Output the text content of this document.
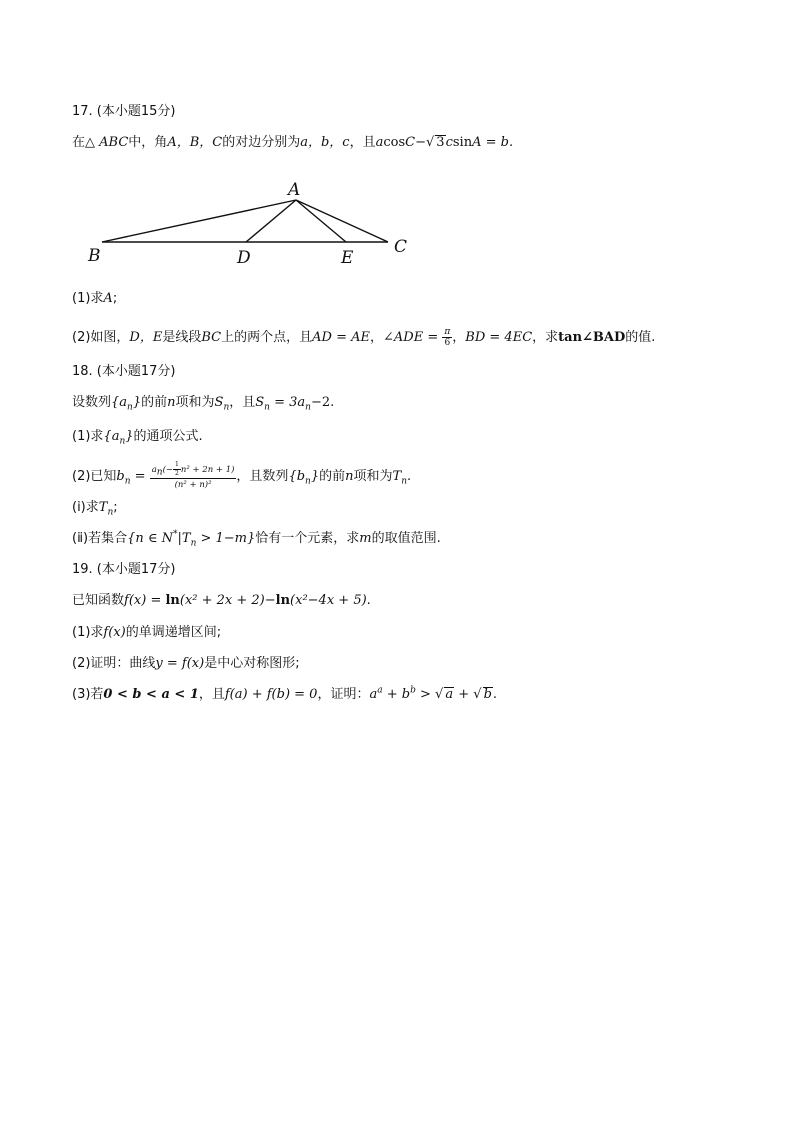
17. (本小题15分)
在△ ABC中，角A，B，C的对边分别为a，b，c，且acosC−√ 3csinA = b.
A
B	C
D	E
(1)求A;
(2)如图，D，E是线段BC上的两个点，且AD = AE，∠ADE = $\frac{\pi}{6}$ ，BD = 4EC，求tan∠BAD的值.
18. (本小题17分)
设数列$\{a_n\}$的前n项和为$S_n$，且$S_n = 3a_n-2$.
(1)求$\{a_n\}$的通项公式.
(2)已知$b_n = \frac{a_n(- \frac{1}{2} n^2 + 2n + 1)}{\text{(n² + n)²}}$ ，且数列$\{b_n\}$的前n项和为$T_n$.
(ⅰ)求$T_n$;
(ⅱ)若集合{n ∈ $N^*|T_n > 1-m$}恰有一个元素，求m的取值范围.
19. (本小题17分)
已知函数f(x) = ln(x² + 2x + 2)−ln(x²−4x + 5).
(1)求f(x)的单调递增区间;
(2)证明：曲线y = f(x)是中心对称图形;
(3)若0 < b < a < 1，且f(a) + f(b) = 0，证明：$a^a + b^b$ > √ a + √ b.
